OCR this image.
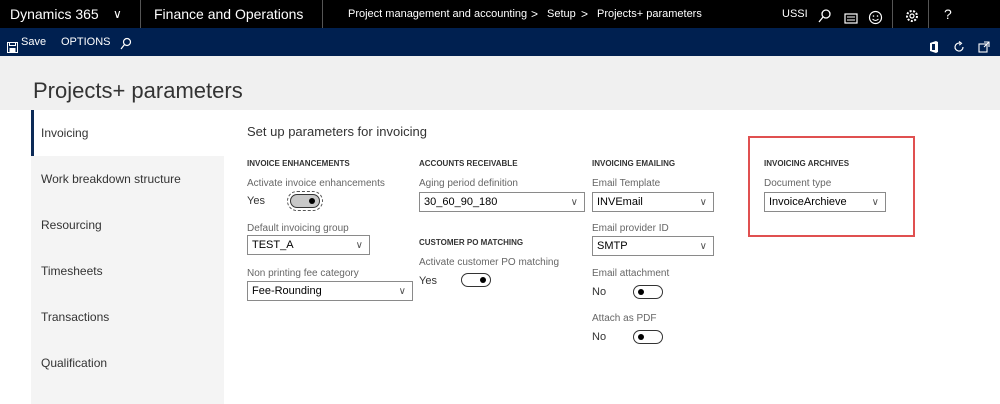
Dynamics 365 ∨ Finance and Operations	Project management and accounting > Setup > Projects+ parameters	USSI	?
Save OPTIONS
Projects+ parameters
Invoicing
Work breakdown structure
Resourcing
Timesheets
Transactions
Qualification
Set up parameters for invoicing
INVOICE ENHANCEMENTS
Activate invoice enhancements
Yes
Default invoicing group
TEST_A	∨
Non printing fee category
Fee-Rounding	∨
ACCOUNTS RECEIVABLE
Aging period definition
30_60_90_180	∨
CUSTOMER PO MATCHING
Activate customer PO matching
Yes
INVOICING EMAILING
Email Template
INVEmail	∨
Email provider ID
SMTP	∨
Email attachment
No
Attach as PDF
No
INVOICING ARCHIVES
Document type
InvoiceArchieve	∨
